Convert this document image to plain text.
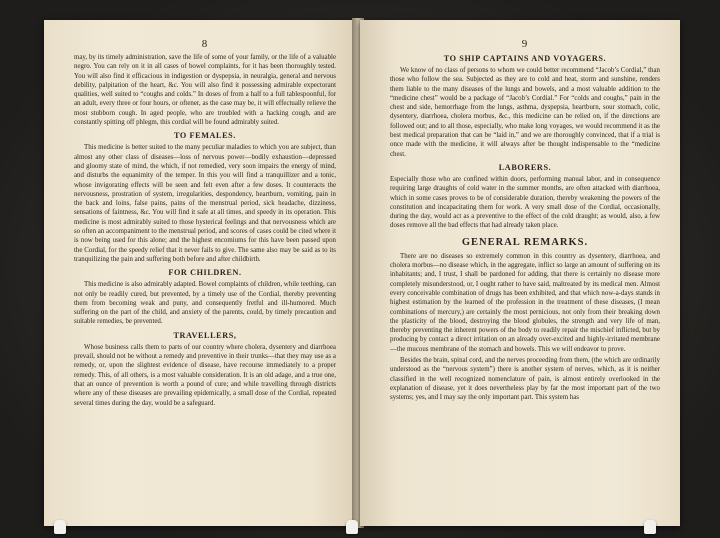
8

may, by its timely administration, save the life of some of your family, or the life of a valuable negro. You can rely on it in all cases of bowel complaints, for it has been thoroughly tested. You will also find it efficacious in indigestion or dyspepsia, in neuralgia, general and nervous debility, palpitation of the heart, &c. You will also find it possessing admirable expectorant qualities, well suited to “coughs and colds.” In doses of from a half to a full tablespoonful, for an adult, every three or four hours, or oftener, as the case may be, it will effectually relieve the most stubborn cough. In aged people, who are troubled with a hacking cough, and are constantly spitting off phlegm, this cordial will be found admirably suited.

TO FEMALES.

This medicine is better suited to the many peculiar maladies to which you are subject, than almost any other class of diseases—loss of nervous power—bodily exhaustion—depressed and gloomy state of mind, the which, if not remedied, very soon impairs the energy of mind, and disturbs the equanimity of the temper. In this you will find a tranquillizer and a tonic, whose invigorating effects will be seen and felt even after a few doses. It counteracts the nervousness, prostration of system, irregularities, despondency, heartburn, vomiting, pain in the back and loins, false pains, pains of the menstrual period, sick headache, dizziness, sensations of faintness, &c. You will find it safe at all times, and speedy in its operation. This medicine is most admirably suited to those hysterical feelings and that nervousness which are so often an accompaniment to the menstrual period, and scores of cases could be cited where it is now being used for this alone; and the highest encomiums for this have been passed upon the Cordial, for the speedy relief that it never fails to give. The same also may be said as to its tranquilizing the pain and suffering both before and after childbirth.

FOR CHILDREN.

This medicine is also admirably adapted. Bowel complaints of children, while teething, can not only be readily cured, but prevented, by a timely use of the Cordial, thereby preventing them from becoming weak and puny, and consequently fretful and ill-humored. Much suffering on the part of the child, and anxiety of the parents, could, by timely precaution and suitable remedies, be prevented.

TRAVELLERS,

Whose business calls them to parts of our country where cholera, dysentery and diarrhoea prevail, should not be without a remedy and preventive in their trunks—that they may use as a remedy, or, upon the slightest evidence of disease, have recourse immediately to a proper remedy. This, of all others, is a most valuable consideration. It is an old adage, and a true one, that an ounce of prevention is worth a pound of cure; and while travelling through districts where any of these diseases are prevailing epidemically, a small dose of the Cordial, repeated several times during the day, would be a safeguard.

9
TO SHIP CAPTAINS AND VOYAGERS.

We know of no class of persons to whom we could better recommend “Jacob’s Cordial,” than those who follow the sea. Subjected as they are to cold and heat, storm and sunshine, renders them liable to the many diseases of the lungs and bowels, and a most valuable addition to the “medicine chest” would be a package of “Jacob’s Cordial.” For “colds and coughs,” pain in the chest and side, hemorrhage from the lungs, asthma, dyspepsia, heartburn, sour stomach, colic, dysentery, diarrhoea, cholera morbus, &c., this medicine can be relied on, if the directions are followed out; and to all those, especially, who make long voyages, we would recommend it as the best medical preparation that can be “laid in,” and we are thoroughly convinced, that if a trial is once made with the medicine, it will always after be thought indispensable to the “medicine chest.

LABORERS.

Especially those who are confined within doors, performing manual labor, and in consequence requiring large draughts of cold water in the summer months, are often attacked with diarrhoea, which in some cases proves to be of considerable duration, thereby weakening the powers of the constitution and incapacitating them for work. A very small dose of the Cordial, occasionally, during the day, would act as a preventive to the effect of the cold draught; as would, also, a few doses remove all the bad effects that had already taken place.

GENERAL REMARKS.

There are no diseases so extremely common in this country as dysentery, diarrhoea, and cholera morbus—no disease which, in the aggregate, inflict so large an amount of suffering on its inhabitants; and, I trust, I shall be pardoned for adding, that there is certainly no disease more completely misunderstood, or, I ought rather to have said, maltreated by its medical men. Almost every conceivable combination of drugs has been exhibited, and that which now-a-days stands in highest estimation by the learned of the profession in the treatment of these diseases, (I mean combinations of mercury,) are certainly the most pernicious, not only from their breaking down the plasticity of the blood, destroying the blood globules, the strength and very life of man, thereby preventing the inherent powers of the body to readily repair the mischief inflicted, but by producing by contact a direct irritation on an already over-excited and highly-irritated membrane—the mucous membrane of the stomach and bowels. This we will endeavor to prove.

Besides the brain, spinal cord, and the nerves proceeding from them, (the which are ordinarily understood as the “nervous system”) there is another system of nerves, which, as it is neither classified in the well recognized nomenclature of pain, is almost entirely overlooked in the explanation of disease, yet it does nevertheless play by far the most important part of the two systems; yes, and I may say the only important part. This system has
